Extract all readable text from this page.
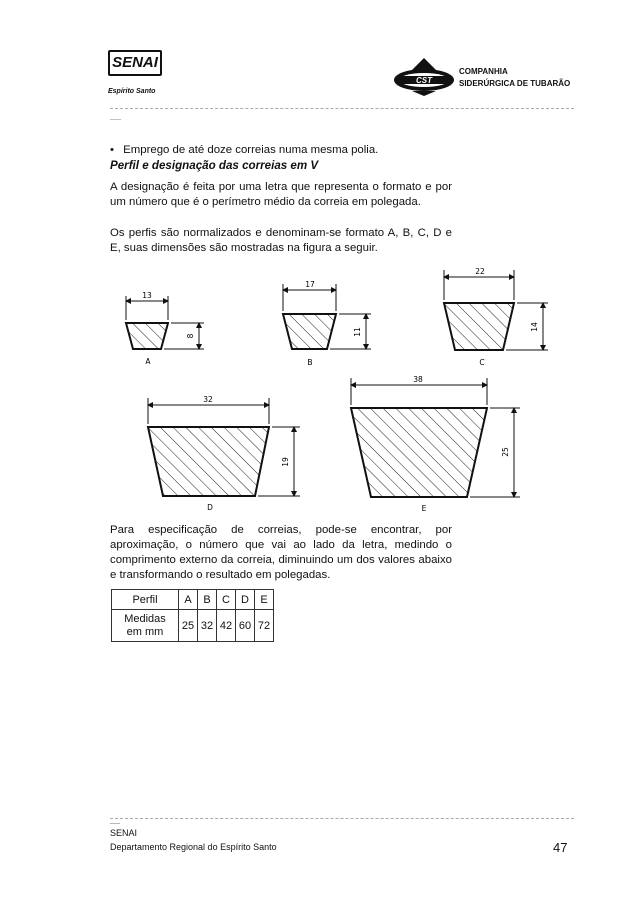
SENAI
Espírito Santo
CST
COMPANHIA
SIDERÚRGICA DE TUBARÃO
____
• Emprego de até doze correias numa mesma polia.
Perfil e designação das correias em V
A designação é feita por uma letra que representa o formato e por um número que é o perímetro médio da correia em polegada.
Os perfis são normalizados e denominam-se formato A, B, C, D e E, suas dimensões são mostradas na figura a seguir.
13
8
A
17
11
B
22
14
C
32
19
D
38
25
E
Para especificação de correias, pode-se encontrar, por aproximação, o número que vai ao lado da letra, medindo o comprimento externo da correia, diminuindo um dos valores abaixo e transformando o resultado em polegadas.
Perfil	A	B	C	D	E

Medidas
em mm	25	32	42	60	72
___
SENAI
Departamento Regional do Espírito Santo	47
